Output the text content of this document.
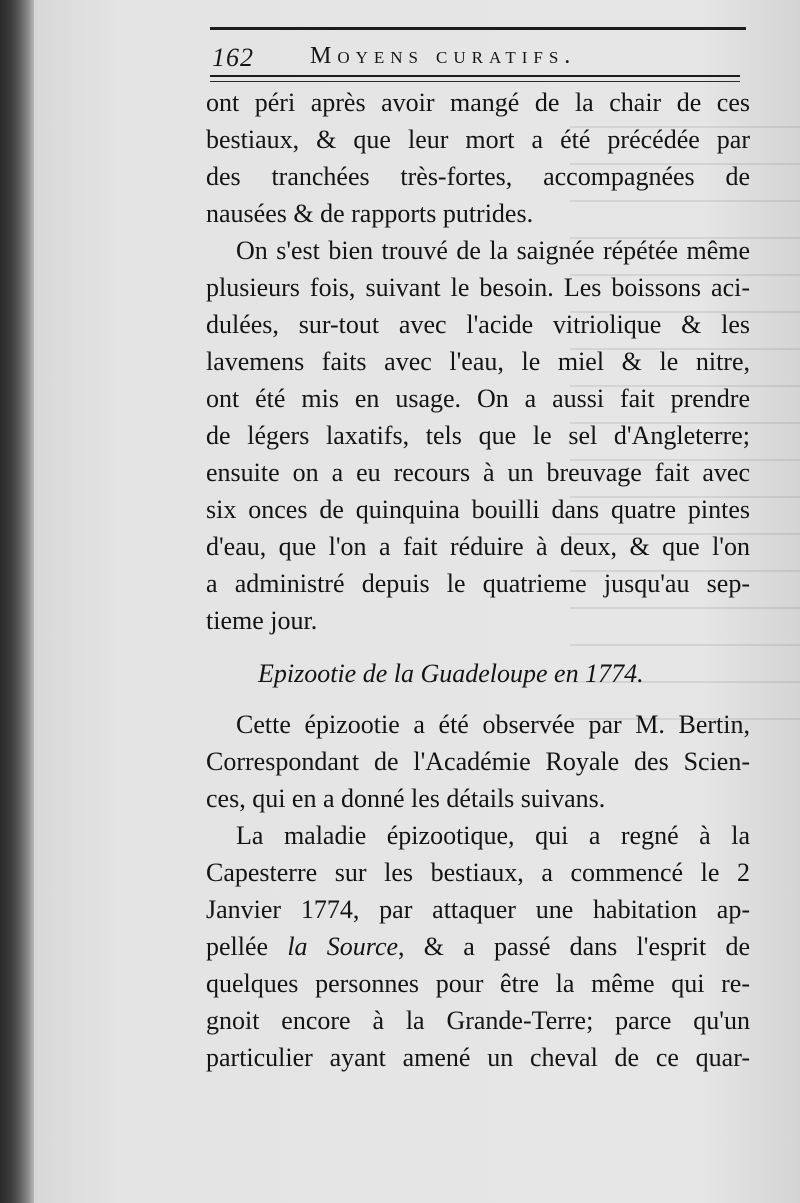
162 Moyens curatifs.
ont péri après avoir mangé de la chair de ces
bestiaux, & que leur mort a été précédée par
des tranchées très-fortes, accompagnées de
nausées & de rapports putrides.
On s'est bien trouvé de la saignée répétée même
plusieurs fois, suivant le besoin. Les boissons aci-
dulées, sur-tout avec l'acide vitriolique & les
lavemens faits avec l'eau, le miel & le nitre,
ont été mis en usage. On a aussi fait prendre
de légers laxatifs, tels que le sel d'Angleterre;
ensuite on a eu recours à un breuvage fait avec
six onces de quinquina bouilli dans quatre pintes
d'eau, que l'on a fait réduire à deux, & que l'on
a administré depuis le quatrieme jusqu'au sep-
tieme jour.
Epizootie de la Guadeloupe en 1774.
Cette épizootie a été observée par M. Bertin,
Correspondant de l'Académie Royale des Scien-
ces, qui en a donné les détails suivans.
La maladie épizootique, qui a regné à la
Capesterre sur les bestiaux, a commencé le 2
Janvier 1774, par attaquer une habitation ap-
pellée la Source, & a passé dans l'esprit de
quelques personnes pour être la même qui re-
gnoit encore à la Grande-Terre; parce qu'un
particulier ayant amené un cheval de ce quar-
